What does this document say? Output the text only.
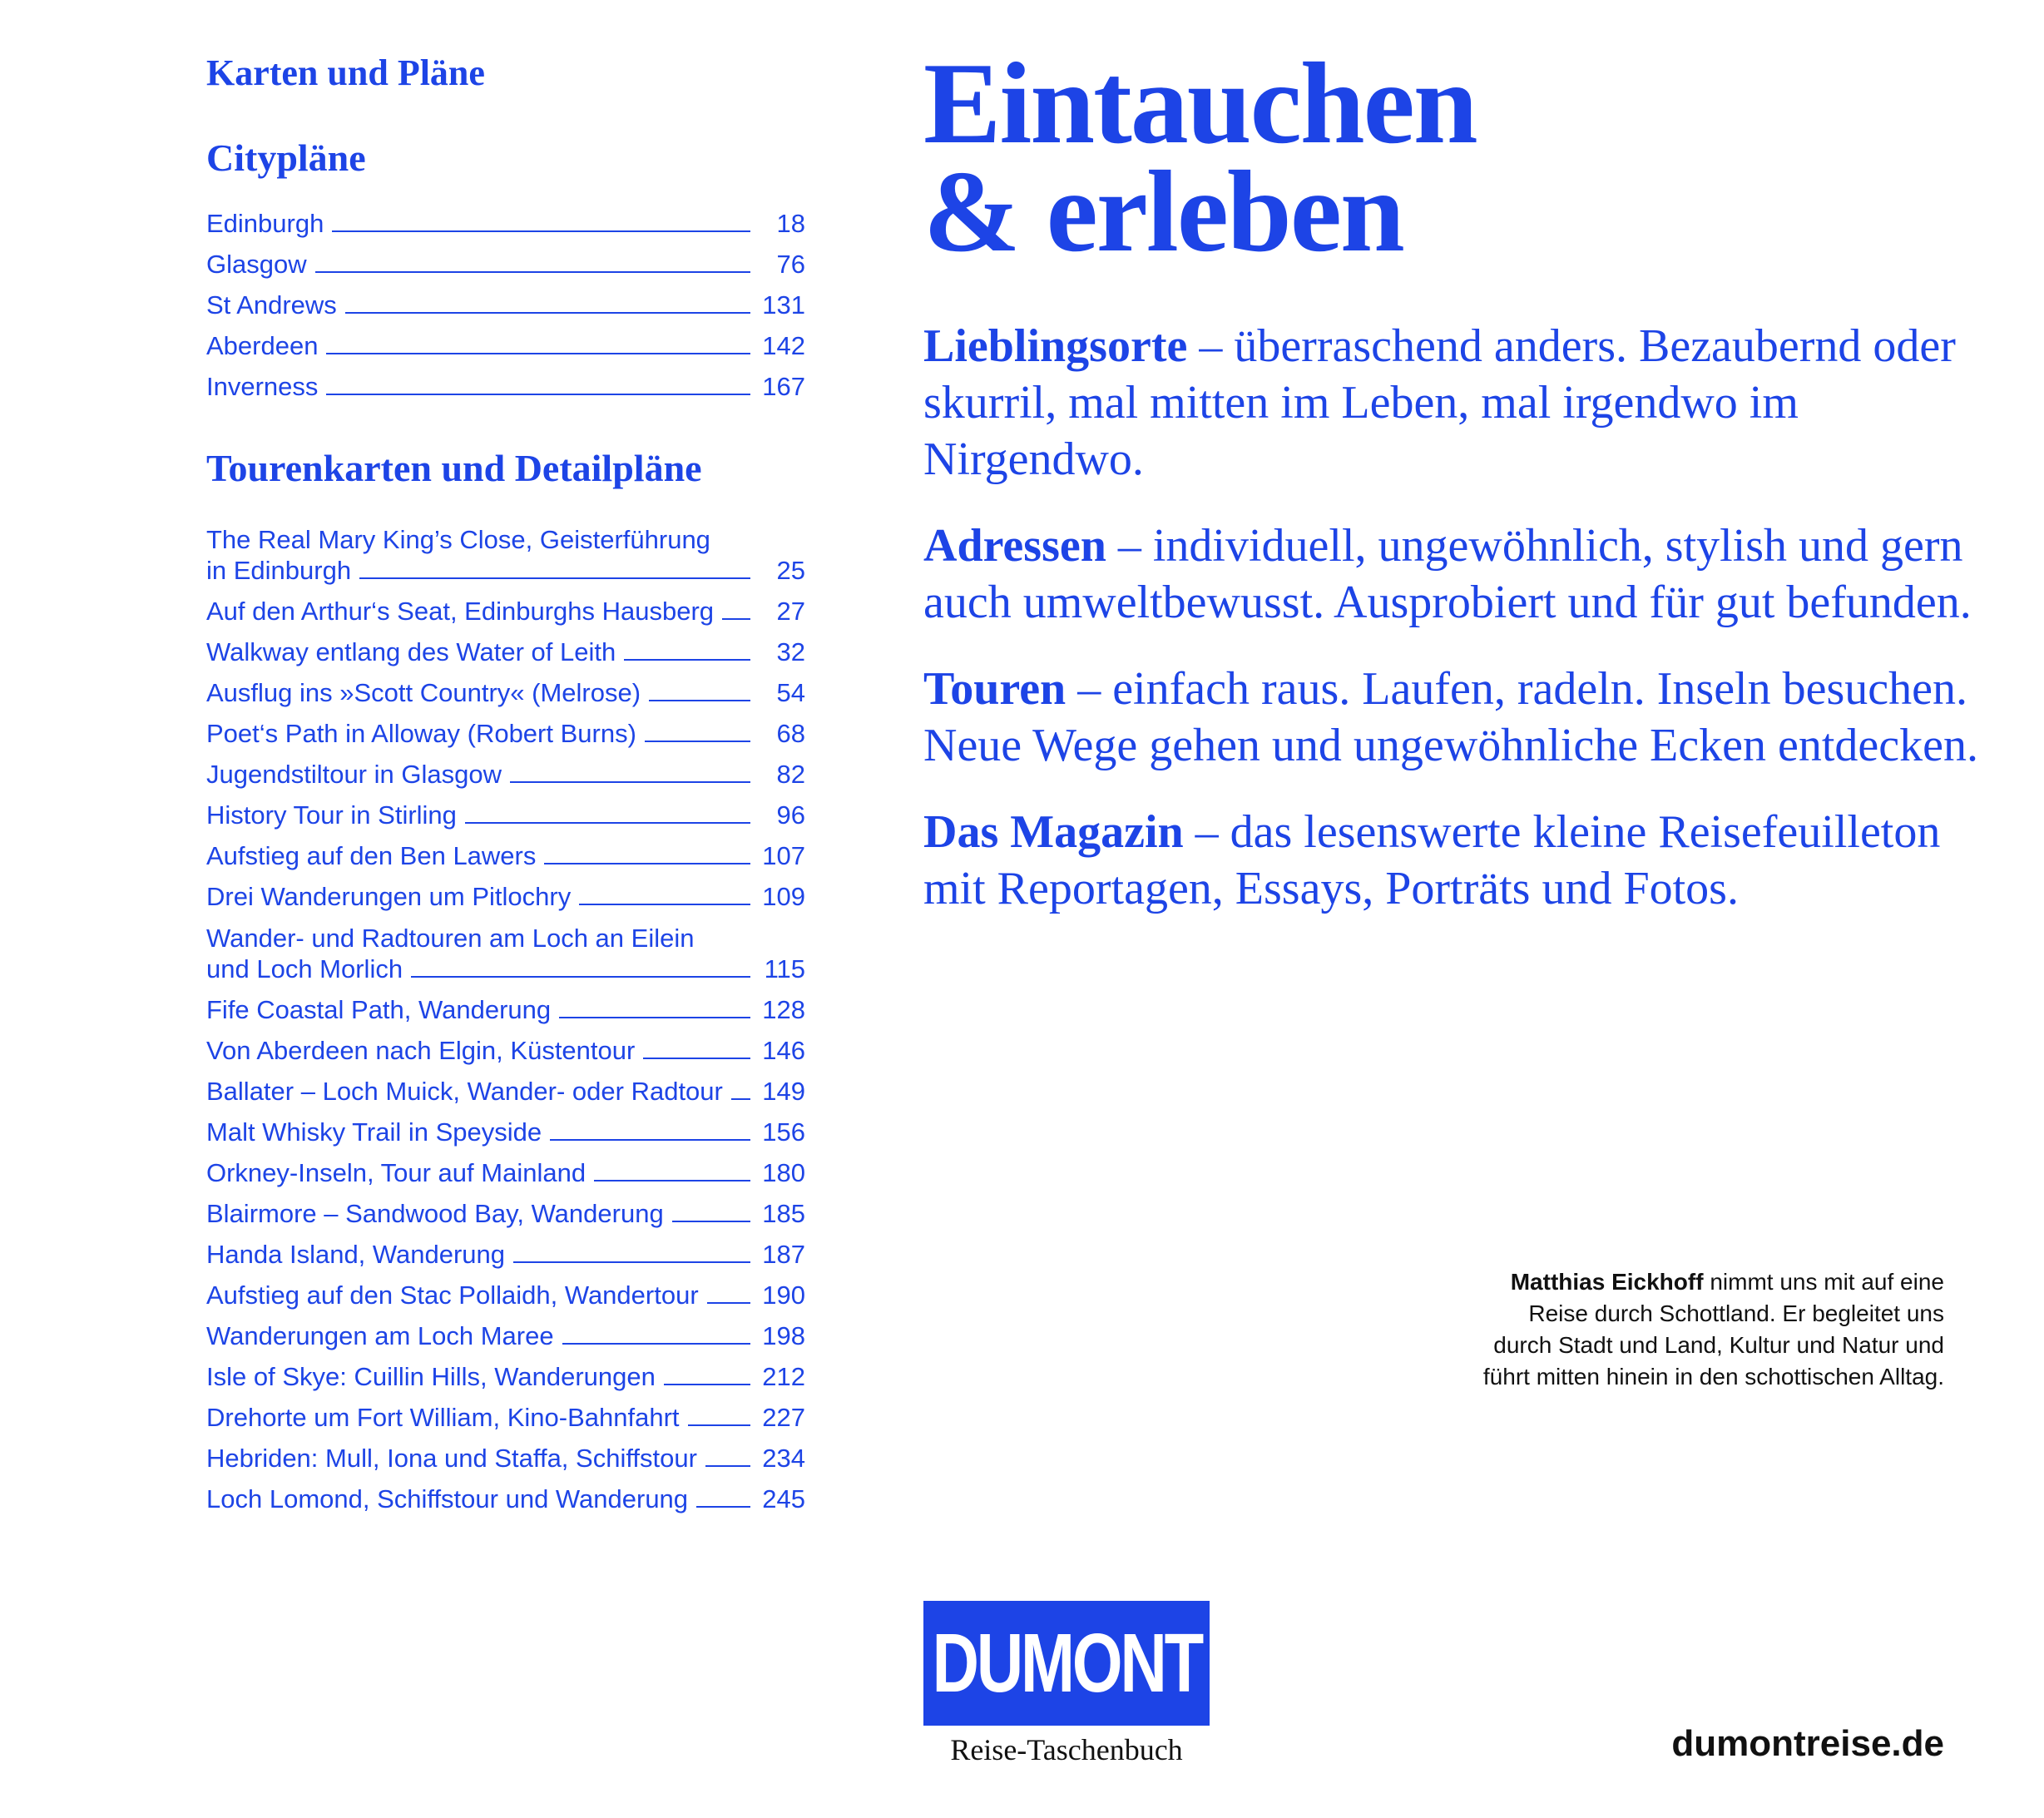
Karten und Pläne
Citypläne
Edinburgh	18
Glasgow	76
St Andrews	131
Aberdeen	142
Inverness	167
Tourenkarten und Detailpläne
The Real Mary King’s Close, Geisterführung
in Edinburgh	25
Auf den Arthur‘s Seat, Edinburghs Hausberg	27
Walkway entlang des Water of Leith	32
Ausflug ins »Scott Country« (Melrose)	54
Poet‘s Path in Alloway (Robert Burns)	68
Jugendstiltour in Glasgow	82
History Tour in Stirling	96
Aufstieg auf den Ben Lawers	107
Drei Wanderungen um Pitlochry	109
Wander- und Radtouren am Loch an Eilein
und Loch Morlich	115
Fife Coastal Path, Wanderung	128
Von Aberdeen nach Elgin, Küstentour	146
Ballater – Loch Muick, Wander- oder Radtour 149
Malt Whisky Trail in Speyside	156
Orkney-Inseln, Tour auf Mainland	180
Blairmore – Sandwood Bay, Wanderung	185
Handa Island, Wanderung	187
Aufstieg auf den Stac Pollaidh, Wandertour 190
Wanderungen am Loch Maree	198
Isle of Skye: Cuillin Hills, Wanderungen	212
Drehorte um Fort William, Kino-Bahnfahrt	227
Hebriden: Mull, Iona und Staffa, Schiffstour	234
Loch Lomond, Schiffstour und Wanderung	245
Eintauchen
& erleben

Lieblingsorte – überraschend anders. Bezaubernd oder skurril, mal mitten im Leben, mal irgendwo im Nirgendwo.

Adressen – individuell, ungewöhnlich, stylish und gern auch umweltbewusst. Ausprobiert und für gut befunden.

Touren – einfach raus. Laufen, radeln. Inseln besuchen. Neue Wege gehen und ungewöhnliche Ecken entdecken.

Das Magazin – das lesenswerte kleine Reisefeuilleton mit Reportagen, Essays, Porträts und Fotos.

Matthias Eickhoff nimmt uns mit auf eine Reise durch Schottland. Er begleitet uns durch Stadt und Land, Kultur und Natur und führt mitten hinein in den schottischen Alltag.
DUMONT
Reise-Taschenbuch	dumontreise.de
